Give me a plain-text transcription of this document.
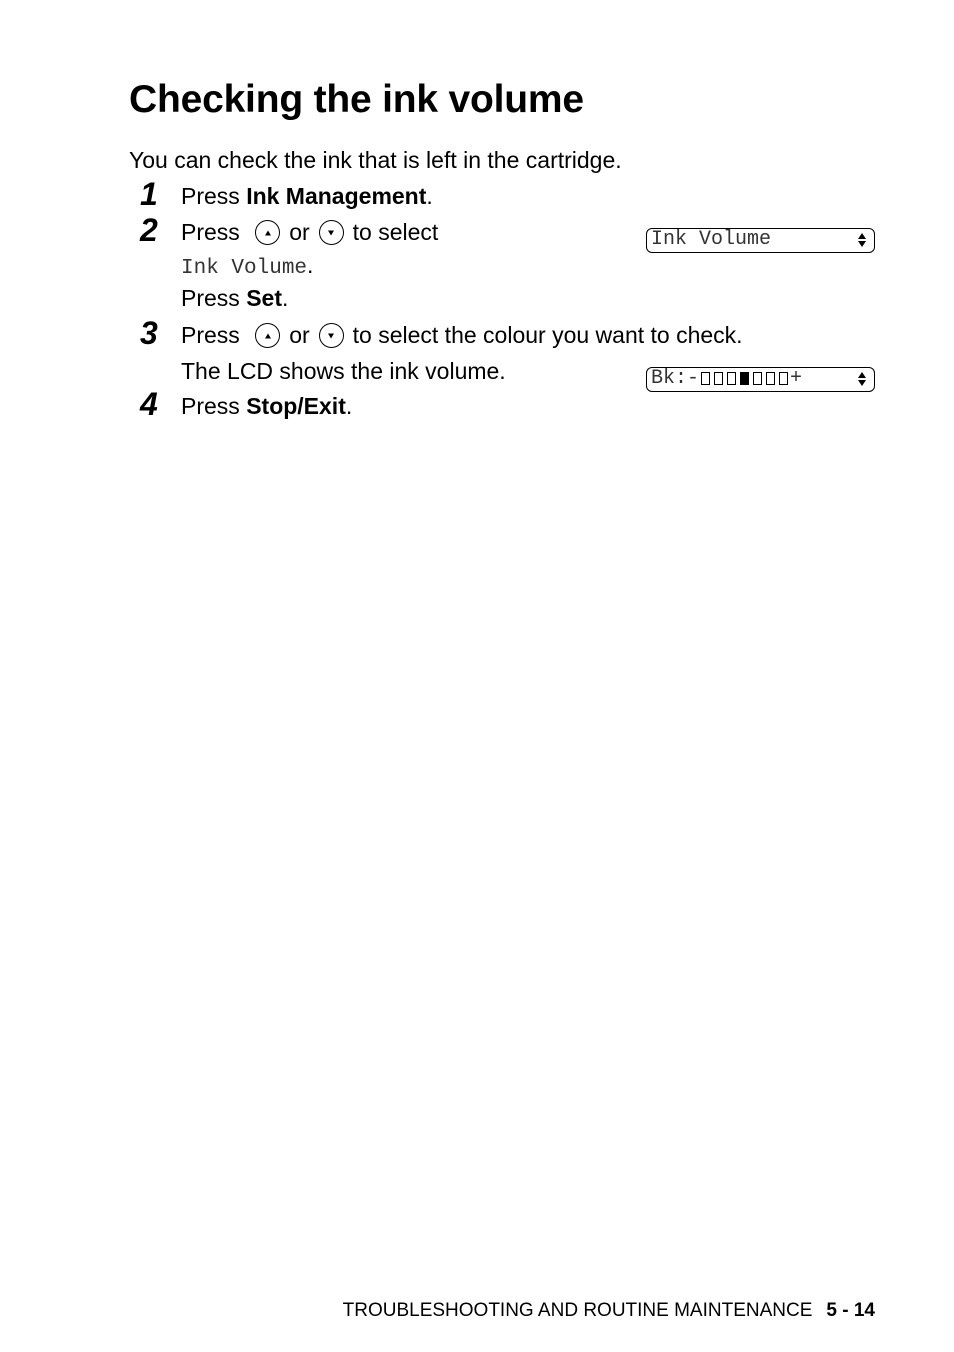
Checking the ink volume
You can check the ink that is left in the cartridge.
1 Press Ink Management.
2 Press or to select
Ink Volume.
Press Set.
Ink Volume
3 Press or to select the colour you want to check.
The LCD shows the ink volume.	Bk:-	+
4 Press Stop/Exit.
TROUBLESHOOTING AND ROUTINE MAINTENANCE 5 - 14
